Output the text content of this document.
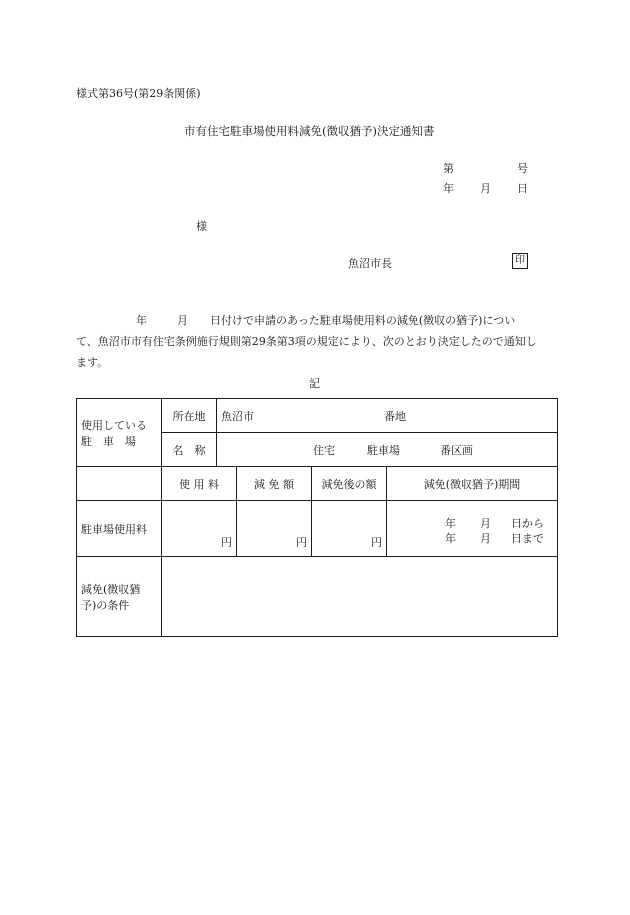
様式第36号(第29条関係)
市有住宅駐車場使用料減免(徴収猶予)決定通知書
第	号
年 月 日
様
魚沼市長	印

年	月 日付けで申請のあった駐車場使用料の減免(徴収の猶予)につい

て、魚沼市市有住宅条例施行規則第29条第3項の規定により、次のとおり決定したので通知し

ます。

記
使用している
駐　車　場	所在地	魚沼市 番地			
	名　称	住宅 駐車場 番区画			
	使 用 料		減 免 額	減免後の額	減免(徴収猶予)期間
駐車場使用料	円		円	円	年 月 日から
年 月 日まで

減免(徴収猶
予)の条件					
